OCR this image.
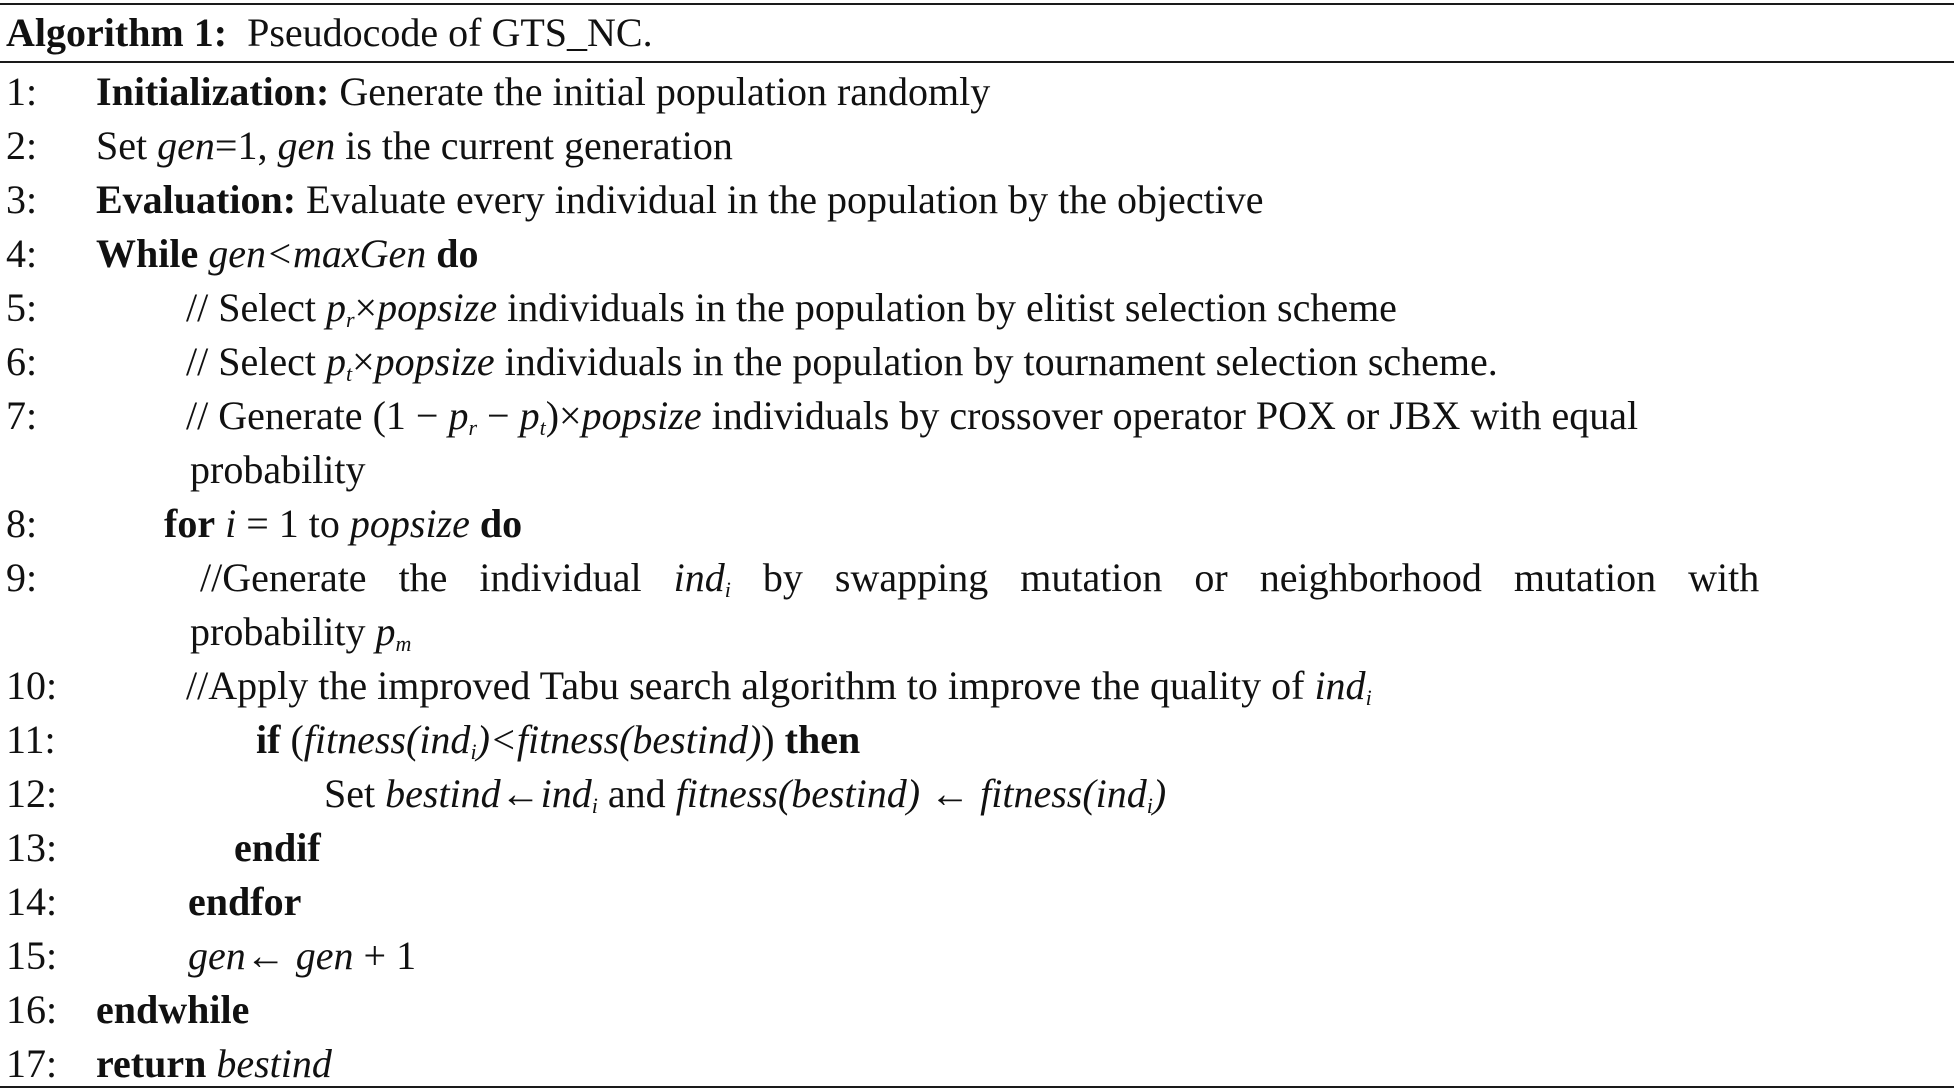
Algorithm 1: Pseudocode of GTS_NC.
1: Initialization: Generate the initial population randomly
2: Set gen=1, gen is the current generation
3: Evaluation: Evaluate every individual in the population by the objective
4: While gen<maxGen do
5:	// Select $p_r\times popsize$ individuals in the population by elitist selection scheme
6:	// Select $p_t\times popsize$ individuals in the population by tournament selection scheme.
7:	// Generate ($1 - p_r$ − $p_t)\times popsize$ individuals by crossover operator POX or JBX with equal
probability
8:	for i = 1 to popsize do
9:	//Generate the individual ind$_i$ by swapping mutation or neighborhood mutation with
probability $p_m$
10:	//Apply the improved Tabu search algorithm to improve the quality of ind$_i$
11:	if (fitness(ind$_i$)<fitness(bestind)) then
12:	Set bestind←ind$_i$ and fitness(bestind) ← fitness(ind$_i$)
13:	endif
14:	endfor
15:	gen← gen + 1
16: endwhile
17: return bestind
